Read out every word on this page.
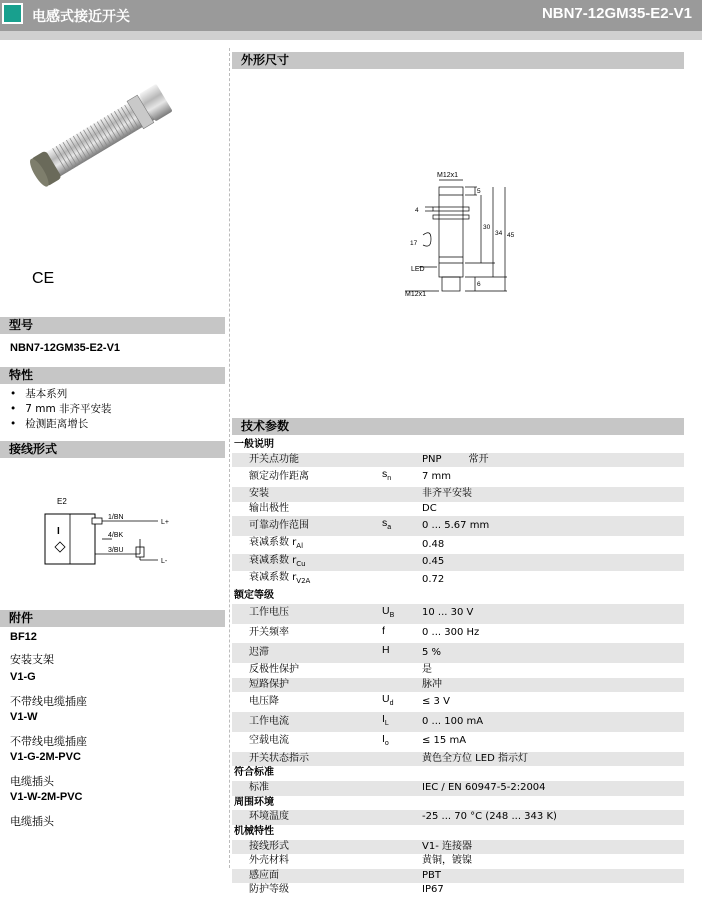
电感式接近开关	NBN7-12GM35-E2-V1
CE
型号
NBN7-12GM35-E2-V1
特性
• 基本系列
• 7 mm 非齐平安装
• 检测距离增长
接线形式
E2
I
1/BN
4/BK
3/BU
L+
L-
附件
BF12
安装支架
V1-G
不带线电缆插座
V1-W
不带线电缆插座
V1-G-2M-PVC
电缆插头
V1-W-2M-PVC
电缆插头
外形尺寸
M12x1
M12x1
LED
5
4
17
30
34 45
6
技术参数
一般说明		
开关点功能		PNP 常开
额定动作距离	$s_n$	7 mm
安装		非齐平安装
输出极性		DC
可靠动作范围	$s_a$	0 ... 5.67 mm
衰减系数 $r_{Al}$		0.48
衰减系数 $r_{Cu}$		0.45
衰减系数 $r_{V2A}$		0.72
额定等级		
工作电压	$U_B$	10 ... 30 V
开关频率	f	0 ... 300 Hz
迟滞	H	5 %
反极性保护		是
短路保护		脉冲
电压降	$U_d$	≤ 3 V
工作电流	$I_L$	0 ... 100 mA
空载电流	$I_o$	≤ 15 mA
开关状态指示		黄色全方位 LED 指示灯
符合标准		
标准		IEC / EN 60947-5-2:2004
周围环境		
环境温度		-25 ... 70 °C (248 ... 343 K)
机械特性		
接线形式		V1- 连接器
外壳材料		黄铜，镀镍
感应面		PBT
防护等级		IP67
